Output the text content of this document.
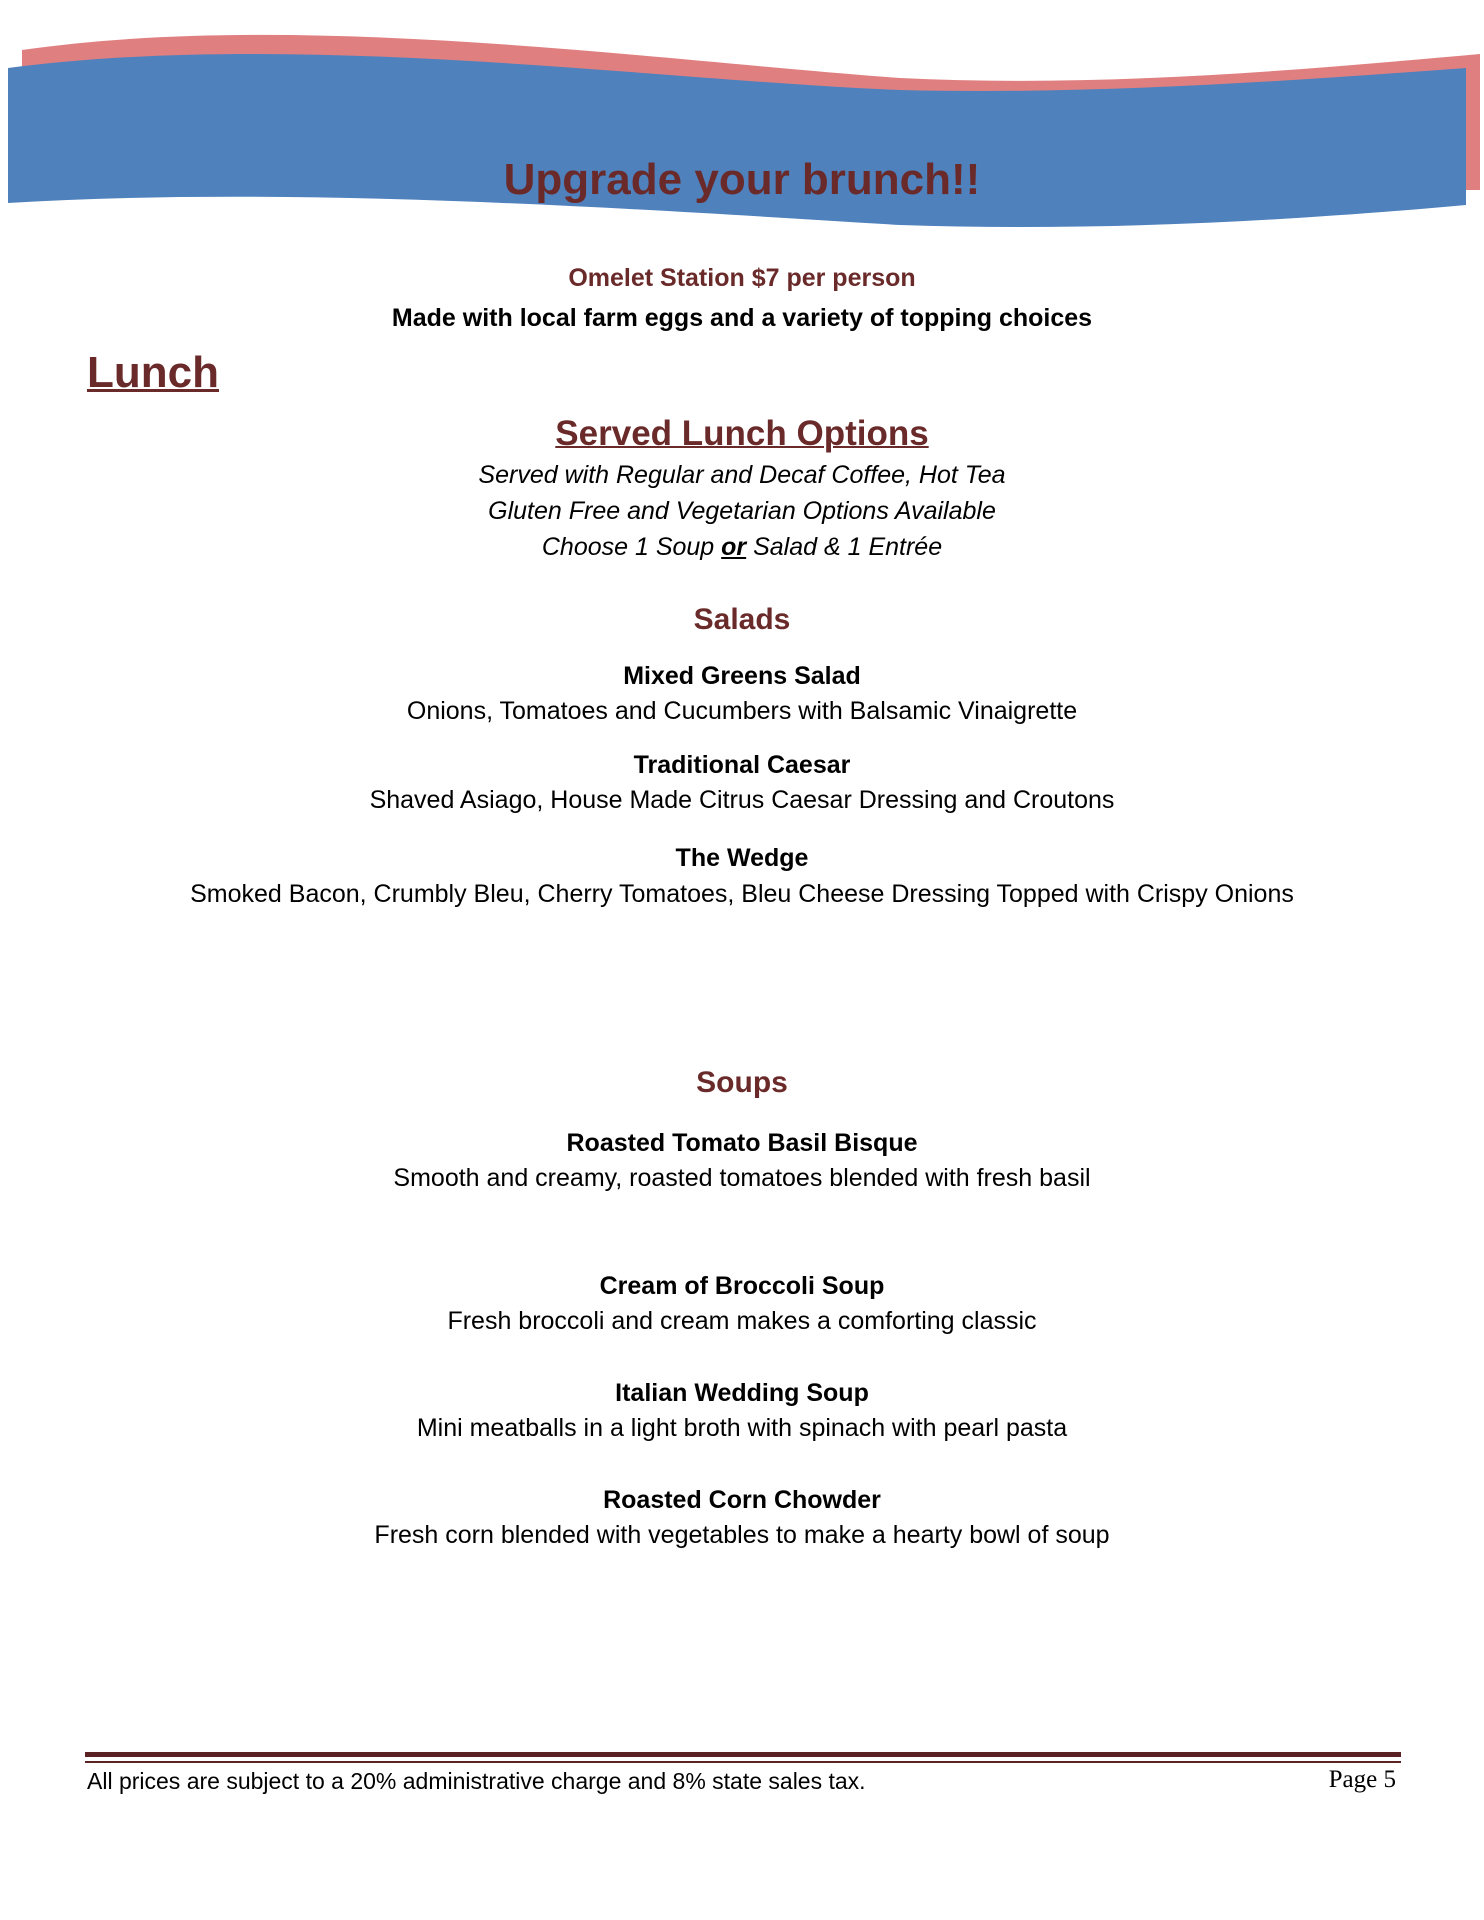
Upgrade your brunch!!
Omelet Station $7 per person
Made with local farm eggs and a variety of topping choices
Lunch
Served Lunch Options
Served with Regular and Decaf Coffee, Hot Tea
Gluten Free and Vegetarian Options Available
Choose 1 Soup or Salad & 1 Entrée
Salads
Mixed Greens Salad
Onions, Tomatoes and Cucumbers with Balsamic Vinaigrette
Traditional Caesar
Shaved Asiago, House Made Citrus Caesar Dressing and Croutons
The Wedge
Smoked Bacon, Crumbly Bleu, Cherry Tomatoes, Bleu Cheese Dressing Topped with Crispy Onions
Soups
Roasted Tomato Basil Bisque
Smooth and creamy, roasted tomatoes blended with fresh basil
Cream of Broccoli Soup
Fresh broccoli and cream makes a comforting classic
Italian Wedding Soup
Mini meatballs in a light broth with spinach with pearl pasta
Roasted Corn Chowder
Fresh corn blended with vegetables to make a hearty bowl of soup
All prices are subject to a 20% administrative charge and 8% state sales tax.	Page 5
